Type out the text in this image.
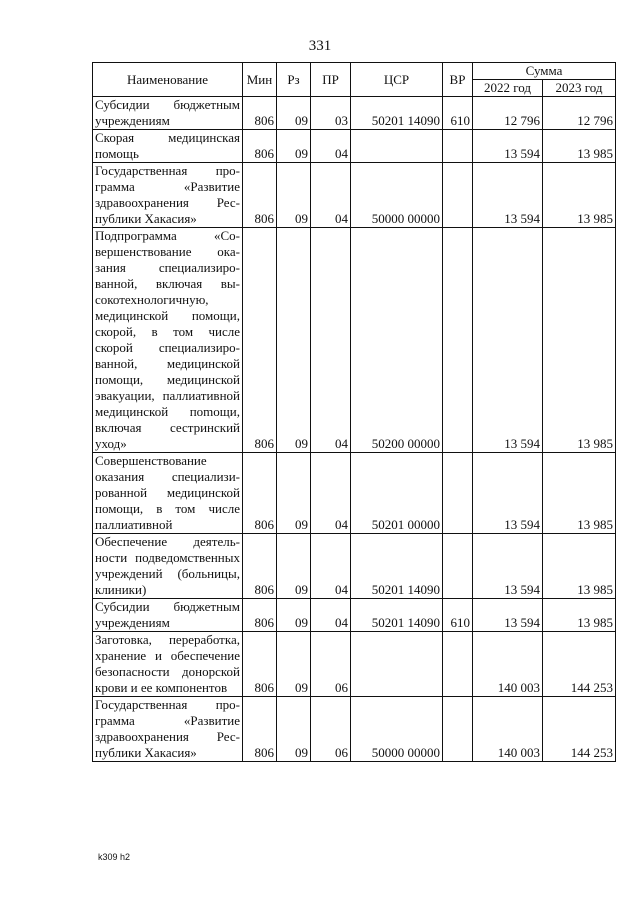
331
Наименование	Мин	Рз	ПР	ЦСР	ВР	Сумма	
						2022 год	2023 год
Субсидии бюджетным учреждениям	806	09	03	50201 14090	610	12 796	12 796
Скорая медицинская помощь	806	09	04			13 594	13 985
Государственная программа «Развитие здравоохранения Республики Хакасия»	806	09	04	50000 00000		13 594	13 985
Подпрограмма «Совершенствование оказания специализированной, включая высокотехнологичную, медицинской помощи, скорой, в том числе скорой специализированной, медицинской помощи, медицинской эвакуации, паллиативной медицинской поmощи, включая сестринский уход»	806	09	04	50200 00000		13 594	13 985
Совершенствование оказания специализированной медицинской помощи, в том числе паллиативной	806	09	04	50201 00000		13 594	13 985
Обеспечение деятельности подведомственных учреждений (больницы, клиники)	806	09	04	50201 14090		13 594	13 985
Субсидии бюджетным учреждениям	806	09	04	50201 14090	610	13 594	13 985
Заготовка, переработка, хранение и обеспечение безопасности донорской крови и ее компонентов	806	09	06			140 003	144 253
Государственная программа «Развитие здравоохранения Республики Хакасия»	806	09	06	50000 00000		140 003	144 253
k309 h2
